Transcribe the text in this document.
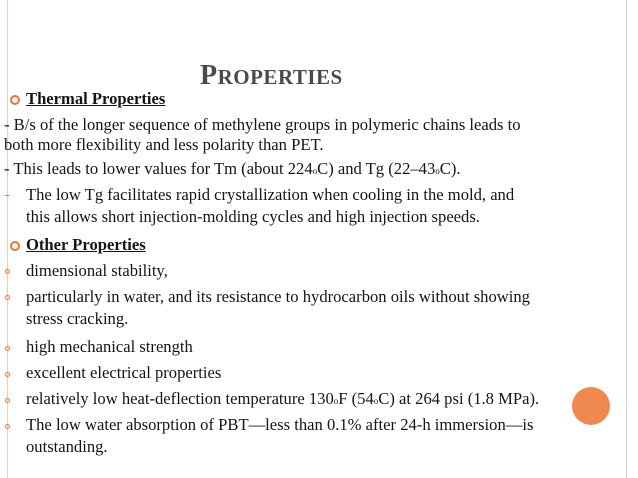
PROPERTIES
Thermal Properties
- B/s of the longer sequence of methylene groups in polymeric chains leads to
both more flexibility and less polarity than PET.
- This leads to lower values for Tm (about 224$^o$C) and Tg (22–43$^o$C).
The low Tg facilitates rapid crystallization when cooling in the mold, and
this allows short injection-molding cycles and high injection speeds.
Other Properties
dimensional stability,
particularly in water, and its resistance to hydrocarbon oils without showing
stress cracking.
high mechanical strength
excellent electrical properties
relatively low heat-deflection temperature 130$^o$F (54$^o$C) at 264 psi (1.8 MPa).
The low water absorption of PBT—less than 0.1% after 24-h immersion—is
outstanding.
